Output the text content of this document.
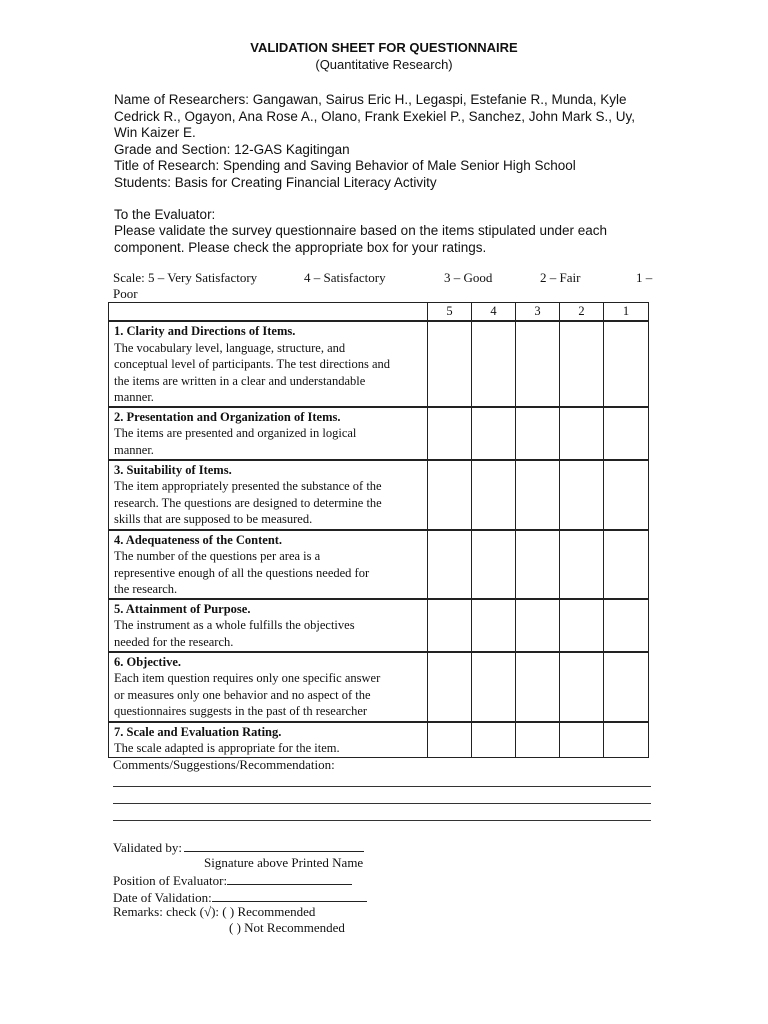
VALIDATION SHEET FOR QUESTIONNAIRE
(Quantitative Research)
Name of Researchers: Gangawan, Sairus Eric H., Legaspi, Estefanie R., Munda, Kyle
Cedrick R., Ogayon, Ana Rose A., Olano, Frank Exekiel P., Sanchez, John Mark S., Uy,
Win Kaizer E.
Grade and Section: 12-GAS Kagitingan
Title of Research: Spending and Saving Behavior of Male Senior High School
Students: Basis for Creating Financial Literacy Activity
To the Evaluator:
Please validate the survey questionnaire based on the items stipulated under each
component. Please check the appropriate box for your ratings.
Scale: 5 – Very Satisfactory	4 – Satisfactory	3 – Good	2 – Fair	1 –
Poor
	5	4	3	2	1

1. Clarity and Directions of Items.
The vocabulary level, language, structure, and
conceptual level of participants. The test directions and
the items are written in a clear and understandable
manner.					

2. Presentation and Organization of Items.
The items are presented and organized in logical
manner.					

3. Suitability of Items.
The item appropriately presented the substance of the
research. The questions are designed to determine the
skills that are supposed to be measured.					

4. Adequateness of the Content.
The number of the questions per area is a
representive enough of all the questions needed for
the research.					

5. Attainment of Purpose.
The instrument as a whole fulfills the objectives
needed for the research.					

6. Objective.
Each item question requires only one specific answer
or measures only one behavior and no aspect of the
questionnaires suggests in the past of th researcher					

7. Scale and Evaluation Rating.
The scale adapted is appropriate for the item.					

Comments/Suggestions/Recommendation:
Validated by:
Signature above Printed Name
Position of Evaluator:
Date of Validation:
Remarks: check (√): ( ) Recommended
( ) Not Recommended
